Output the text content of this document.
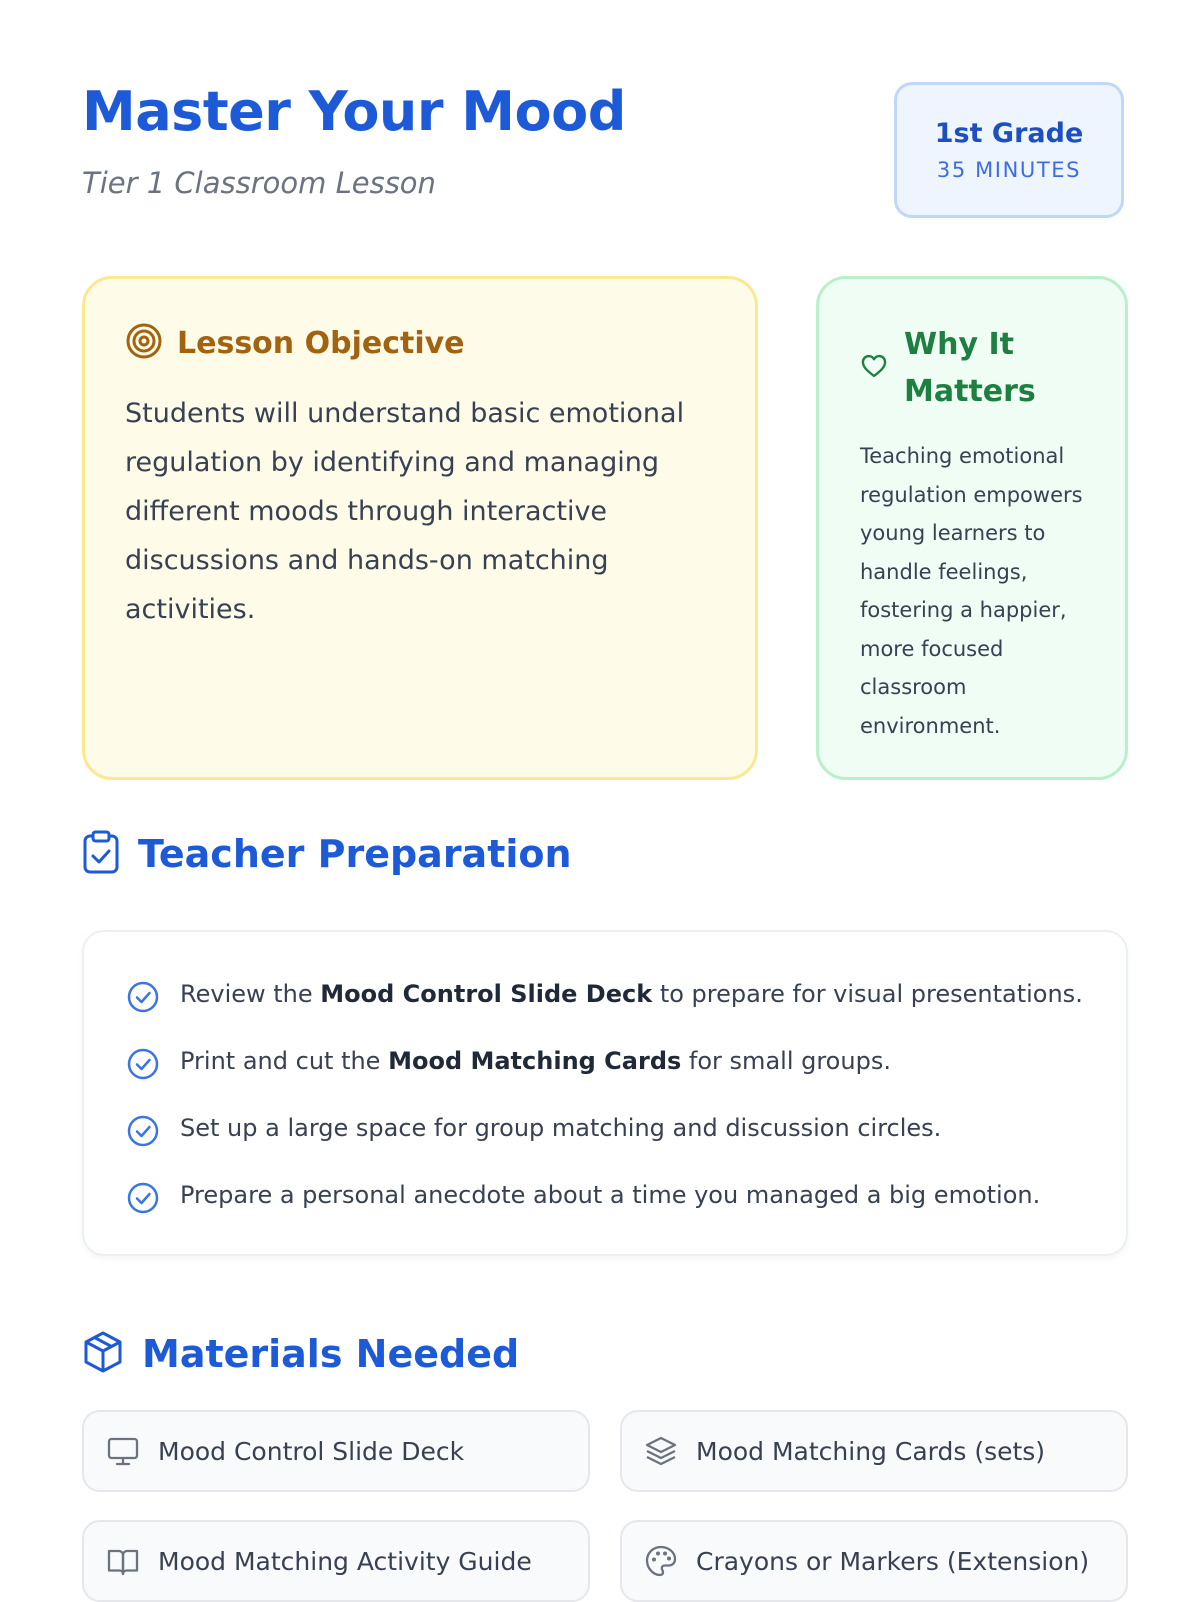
Master Your Mood

Tier 1 Classroom Lesson

1st Grade
35 MINUTES
Lesson Objective
Students will understand basic emotional regulation by identifying and managing different moods through interactive discussions and hands-on matching activities.
Why It Matters
Teaching emotional regulation empowers young learners to handle feelings, fostering a happier, more focused classroom environment.
Teacher Preparation
Review the Mood Control Slide Deck to prepare for visual presentations.
Print and cut the Mood Matching Cards for small groups.
Set up a large space for group matching and discussion circles.
Prepare a personal anecdote about a time you managed a big emotion.
Materials Needed
Mood Control Slide Deck	Mood Matching Cards (sets)
Mood Matching Activity Guide	Crayons or Markers (Extension)
